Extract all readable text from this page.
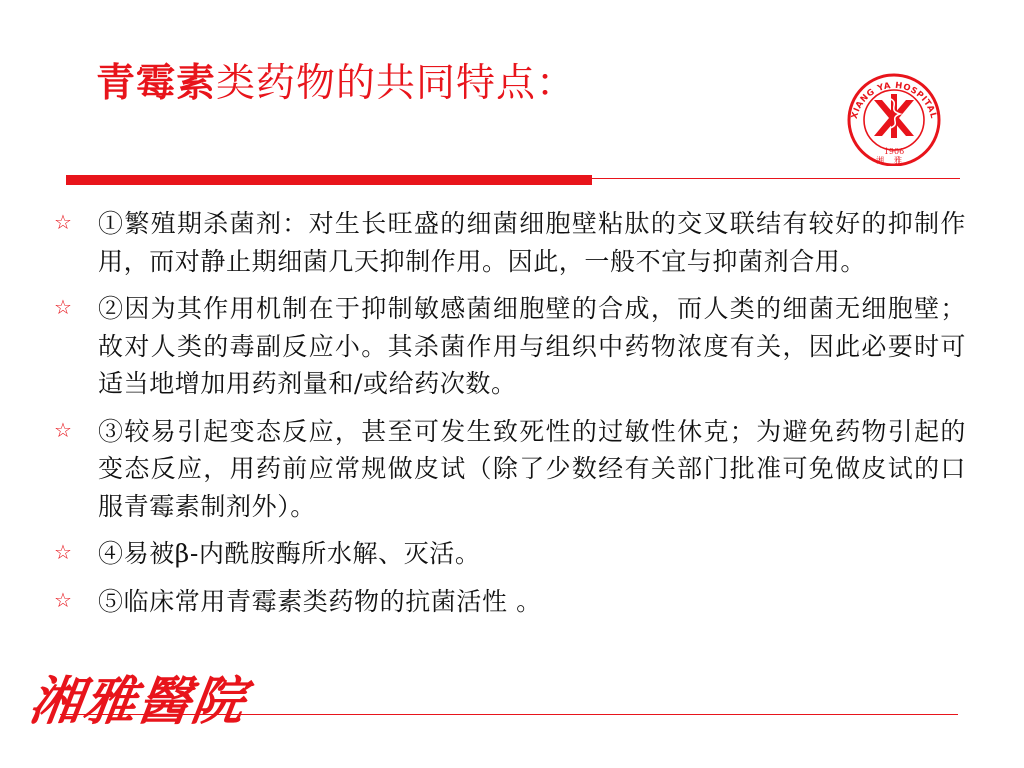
青霉素类药物的共同特点：
XIANG YA HOSPITAL
1906
湘雅
☆ ①繁殖期杀菌剂：对生长旺盛的细菌细胞壁粘肽的交叉联结有较好的抑制作用，而对静止期细菌几天抑制作用。因此，一般不宜与抑菌剂合用。
☆ ②因为其作用机制在于抑制敏感菌细胞壁的合成，而人类的细菌无细胞壁；故对人类的毒副反应小。其杀菌作用与组织中药物浓度有关，因此必要时可适当地增加用药剂量和/或给药次数。
☆ ③较易引起变态反应，甚至可发生致死性的过敏性休克；为避免药物引起的变态反应，用药前应常规做皮试（除了少数经有关部门批准可免做皮试的口服青霉素制剂外）。
☆ ④易被β-内酰胺酶所水解、灭活。
☆ ⑤临床常用青霉素类药物的抗菌活性 。
湘雅醫院
